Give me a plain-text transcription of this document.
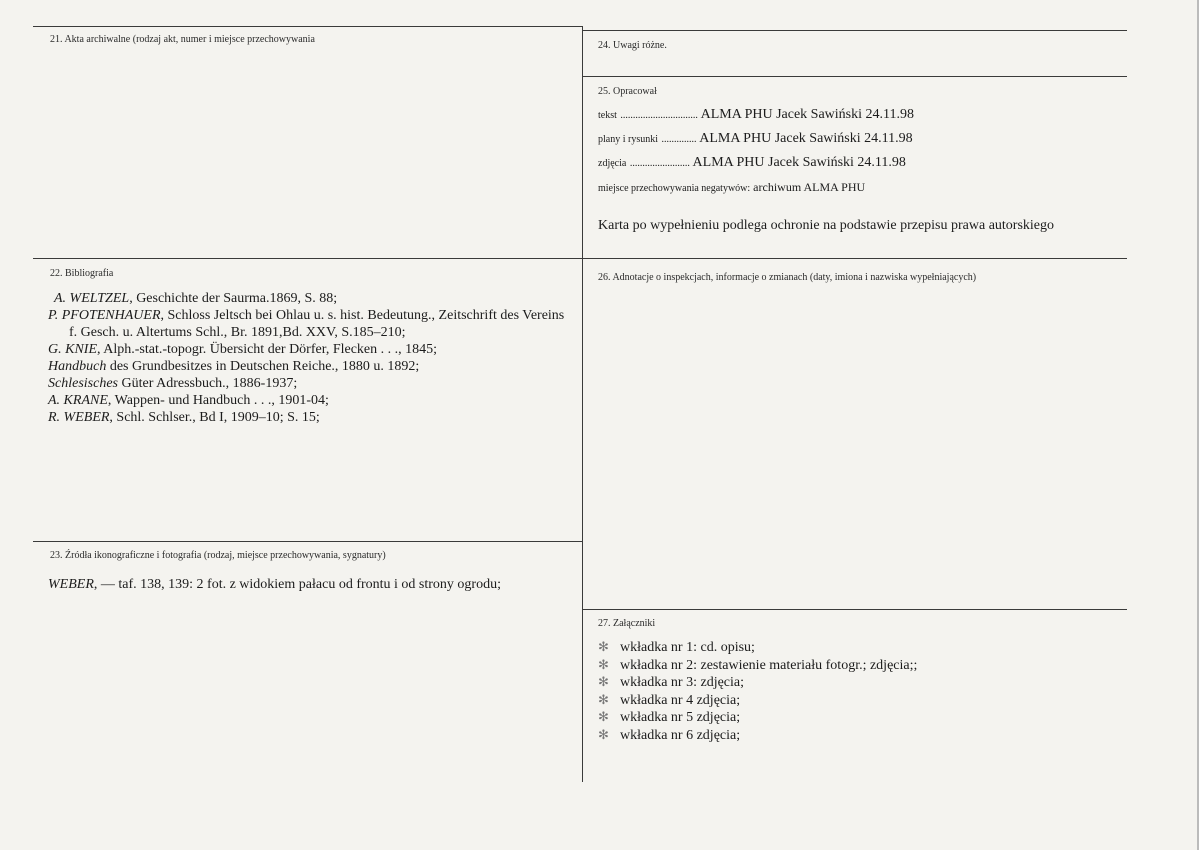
21. Akta archiwalne (rodzaj akt, numer i miejsce przechowywania
22. Bibliografia
A. WELTZEL, Geschichte der Saurma.1869, S. 88;
P. PFOTENHAUER, Schloss Jeltsch bei Ohlau u. s. hist. Bedeutung., Zeitschrift des Vereins
f. Gesch. u. Altertums Schl., Br. 1891,Bd. XXV, S.185–210;
G. KNIE, Alph.-stat.-topogr. Übersicht der Dörfer, Flecken . . ., 1845;
Handbuch des Grundbesitzes in Deutschen Reiche., 1880 u. 1892;
Schlesisches Güter Adressbuch., 1886-1937;
A. KRANE, Wappen- und Handbuch . . ., 1901-04;
R. WEBER, Schl. Schlser., Bd I, 1909–10; S. 15;
23. Źródła ikonograficzne i fotografia (rodzaj, miejsce przechowywania, sygnatury)
WEBER, — taf. 138, 139: 2 fot. z widokiem pałacu od frontu i od strony ogrodu;
24. Uwagi różne.
25. Opracował
tekst ............................... ALMA PHU Jacek Sawiński 24.11.98
plany i rysunki .............. ALMA PHU Jacek Sawiński 24.11.98
zdjęcia ........................ ALMA PHU Jacek Sawiński 24.11.98
miejsce przechowywania negatywów: archiwum ALMA PHU
Karta po wypełnieniu podlega ochronie na podstawie przepisu prawa autorskiego
26. Adnotacje o inspekcjach, informacje o zmianach (daty, imiona i nazwiska wypełniających)
27. Załączniki
✻ wkładka nr 1: cd. opisu;
✻ wkładka nr 2: zestawienie materiału fotogr.; zdjęcia;;
✻ wkładka nr 3: zdjęcia;
✻ wkładka nr 4 zdjęcia;
✻ wkładka nr 5 zdjęcia;
✻ wkładka nr 6 zdjęcia;
